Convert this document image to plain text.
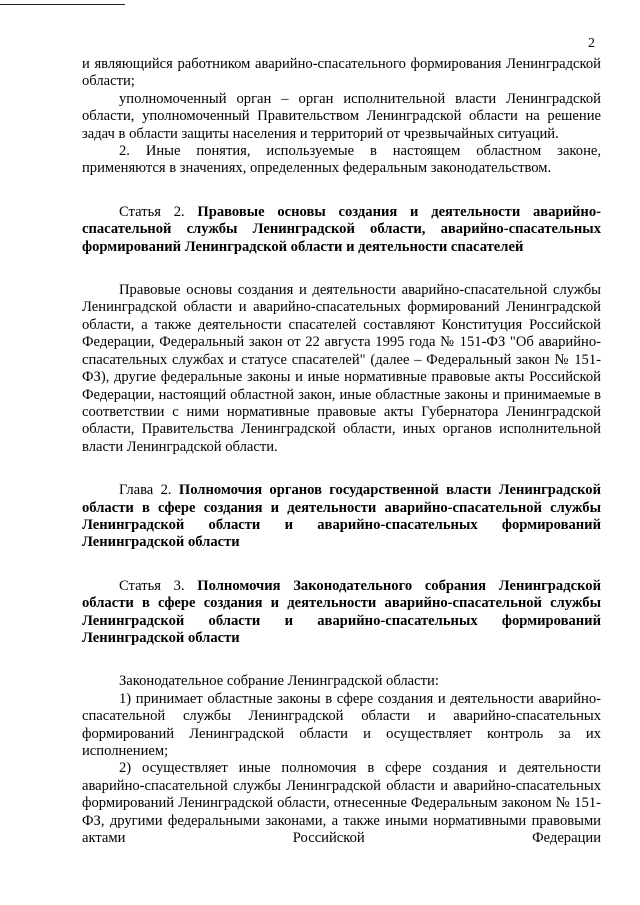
2

и являющийся работником аварийно-спасательного формирования Ленинградской области;

уполномоченный орган – орган исполнительной власти Ленинградской области, уполномоченный Правительством Ленинградской области на решение задач в области защиты населения и территорий от чрезвычайных ситуаций.

2. Иные понятия, используемые в настоящем областном законе, применяются в значениях, определенных федеральным законодательством.

Статья 2. Правовые основы создания и деятельности аварийно-спасательной службы Ленинградской области, аварийно-спасательных формирований Ленинградской области и деятельности спасателей

Правовые основы создания и деятельности аварийно-спасательной службы Ленинградской области и аварийно-спасательных формирований Ленинградской области, а также деятельности спасателей составляют Конституция Российской Федерации, Федеральный закон от 22 августа 1995 года № 151-ФЗ "Об аварийно-спасательных службах и статусе спасателей" (далее – Федеральный закон № 151-ФЗ), другие федеральные законы и иные нормативные правовые акты Российской Федерации, настоящий областной закон, иные областные законы и принимаемые в соответствии с ними нормативные правовые акты Губернатора Ленинградской области, Правительства Ленинградской области, иных органов исполнительной власти Ленинградской области.

Глава 2. Полномочия органов государственной власти Ленинградской области в сфере создания и деятельности аварийно-спасательной службы Ленинградской области и аварийно-спасательных формирований Ленинградской области

Статья 3. Полномочия Законодательного собрания Ленинградской области в сфере создания и деятельности аварийно-спасательной службы Ленинградской области и аварийно-спасательных формирований Ленинградской области

Законодательное собрание Ленинградской области:

1) принимает областные законы в сфере создания и деятельности аварийно-спасательной службы Ленинградской области и аварийно-спасательных формирований Ленинградской области и осуществляет контроль за их исполнением;

2) осуществляет иные полномочия в сфере создания и деятельности аварийно-спасательной службы Ленинградской области и аварийно-спасательных формирований Ленинградской области, отнесенные Федеральным законом № 151-ФЗ, другими федеральными законами, а также иными нормативными правовыми актами Российской Федерации
